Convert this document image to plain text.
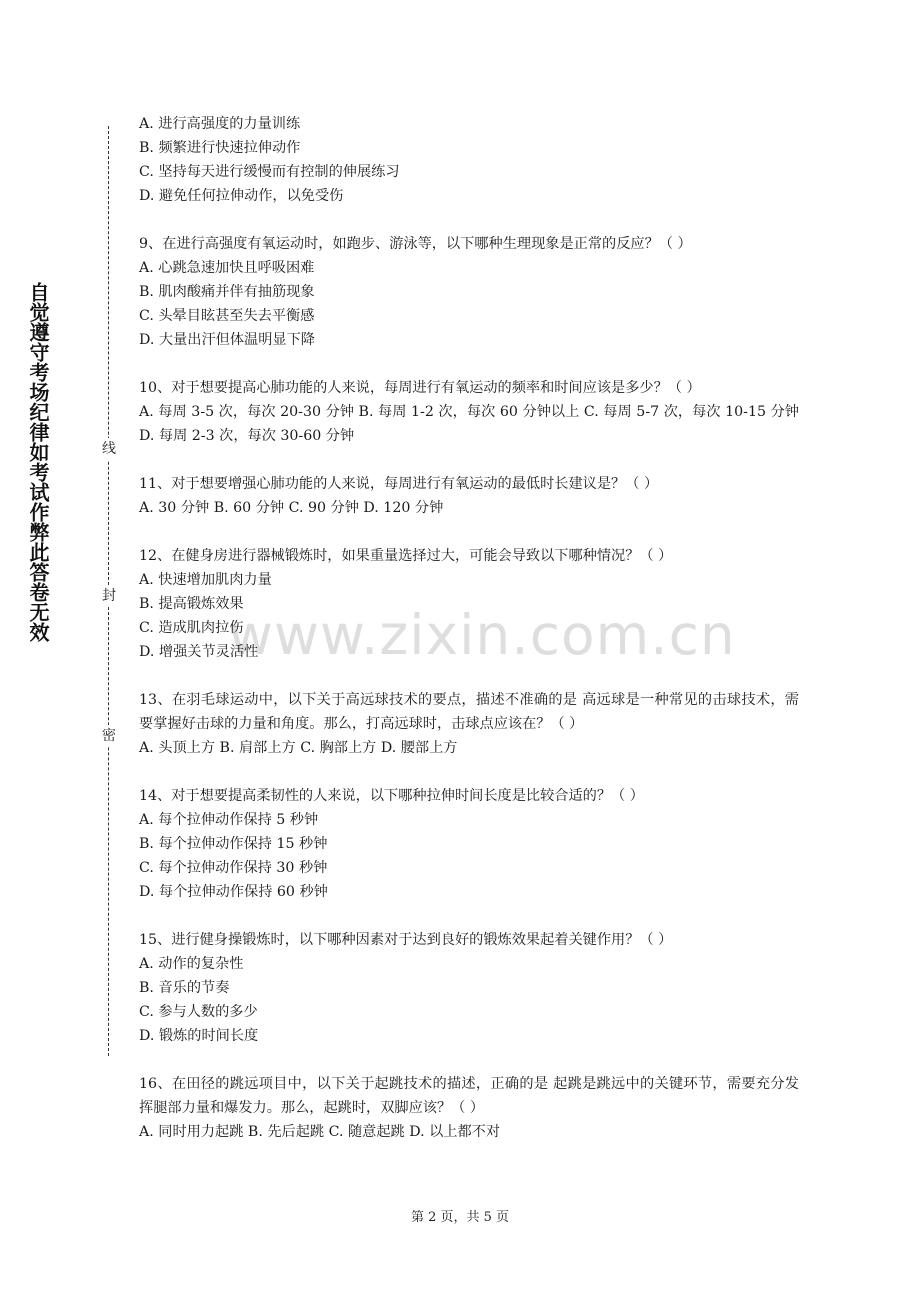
自觉遵守考场纪律如考试作弊此答卷无效	线
封
密
www.zixin.com.cn

A. 进行高强度的力量训练

B. 频繁进行快速拉伸动作

C. 坚持每天进行缓慢而有控制的伸展练习

D. 避免任何拉伸动作，以免受伤

9、在进行高强度有氧运动时，如跑步、游泳等，以下哪种生理现象是正常的反应？（ ）

A. 心跳急速加快且呼吸困难

B. 肌肉酸痛并伴有抽筋现象

C. 头晕目眩甚至失去平衡感

D. 大量出汗但体温明显下降

10、对于想要提高心肺功能的人来说，每周进行有氧运动的频率和时间应该是多少？（ ）

A. 每周 3-5 次，每次 20-30 分钟 B. 每周 1-2 次，每次 60 分钟以上 C. 每周 5-7 次，每次 10-15 分钟 D. 每周 2-3 次，每次 30-60 分钟

11、对于想要增强心肺功能的人来说，每周进行有氧运动的最低时长建议是？（ ）

A. 30 分钟 B. 60 分钟 C. 90 分钟 D. 120 分钟

12、在健身房进行器械锻炼时，如果重量选择过大，可能会导致以下哪种情况？（ ）

A. 快速增加肌肉力量

B. 提高锻炼效果

C. 造成肌肉拉伤

D. 增强关节灵活性

13、在羽毛球运动中，以下关于高远球技术的要点，描述不准确的是 高远球是一种常见的击球技术，需要掌握好击球的力量和角度。那么，打高远球时，击球点应该在？（ ）

A. 头顶上方 B. 肩部上方 C. 胸部上方 D. 腰部上方

14、对于想要提高柔韧性的人来说，以下哪种拉伸时间长度是比较合适的？（ ）

A. 每个拉伸动作保持 5 秒钟

B. 每个拉伸动作保持 15 秒钟

C. 每个拉伸动作保持 30 秒钟

D. 每个拉伸动作保持 60 秒钟

15、进行健身操锻炼时，以下哪种因素对于达到良好的锻炼效果起着关键作用？（ ）

A. 动作的复杂性

B. 音乐的节奏

C. 参与人数的多少

D. 锻炼的时间长度

16、在田径的跳远项目中，以下关于起跳技术的描述，正确的是 起跳是跳远中的关键环节，需要充分发挥腿部力量和爆发力。那么，起跳时，双脚应该？（ ）

A. 同时用力起跳 B. 先后起跳 C. 随意起跳 D. 以上都不对

第 2 页，共 5 页
